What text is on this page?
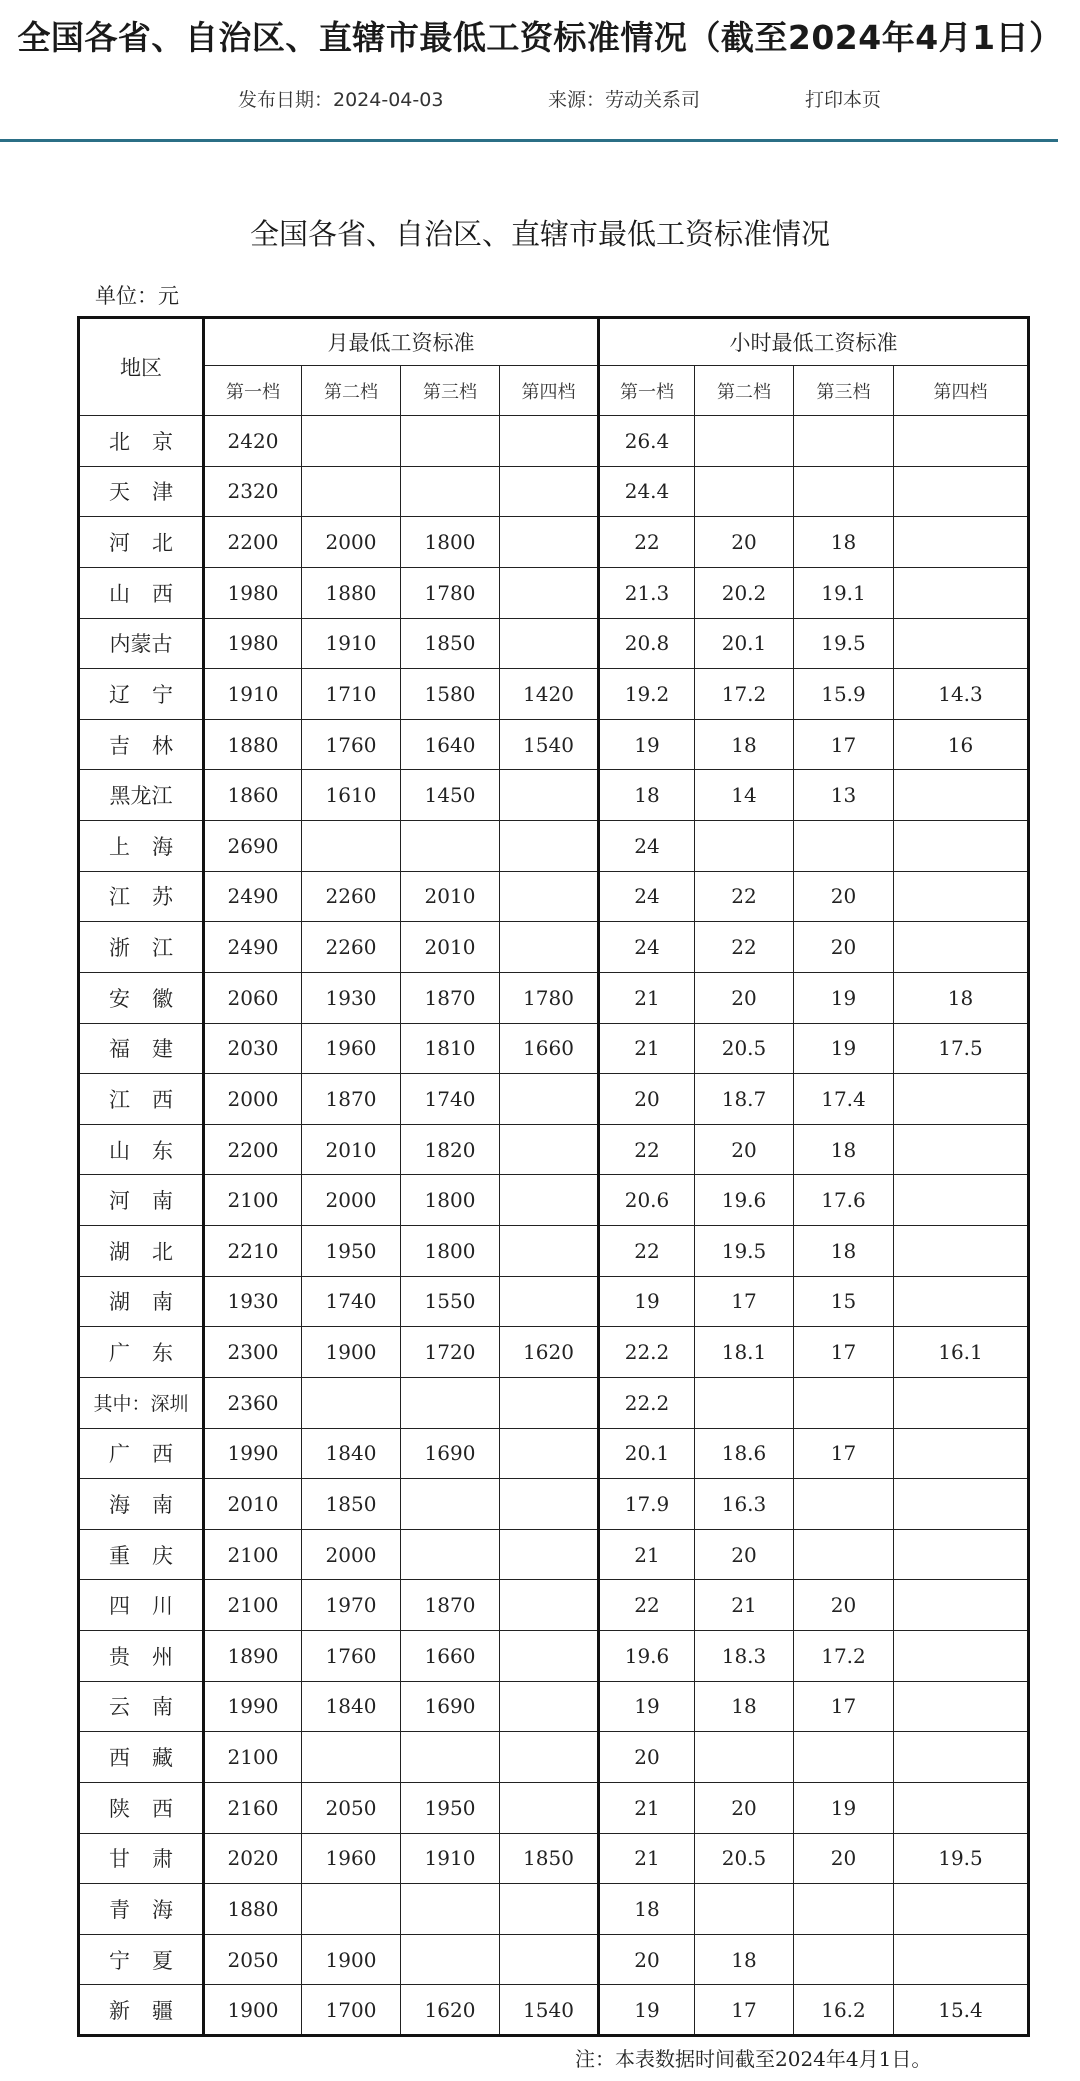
全国各省、自治区、直辖市最低工资标准情况（截至2024年4月1日）
发布日期：2024-04-03	来源：劳动关系司	打印本页
全国各省、自治区、直辖市最低工资标准情况
单位：元
地区	月最低工资标准				小时最低工资标准			
	第一档	第二档	第三档	第四档	第一档	第二档	第三档	第四档
北京	2420				26.4			
天津	2320				24.4			
河北	2200	2000	1800		22	20	18	
山西	1980	1880	1780		21.3	20.2	19.1	
内蒙古	1980	1910	1850		20.8	20.1	19.5	
辽宁	1910	1710	1580	1420	19.2	17.2	15.9	14.3
吉林	1880	1760	1640	1540	19	18	17	16
黑龙江	1860	1610	1450		18	14	13	
上海	2690				24			
江苏	2490	2260	2010		24	22	20	
浙江	2490	2260	2010		24	22	20	
安徽	2060	1930	1870	1780	21	20	19	18
福建	2030	1960	1810	1660	21	20.5	19	17.5
江西	2000	1870	1740		20	18.7	17.4	
山东	2200	2010	1820		22	20	18	
河南	2100	2000	1800		20.6	19.6	17.6	
湖北	2210	1950	1800		22	19.5	18	
湖南	1930	1740	1550		19	17	15	
广东	2300	1900	1720	1620	22.2	18.1	17	16.1
其中：深圳	2360				22.2			
广西	1990	1840	1690		20.1	18.6	17	
海南	2010	1850			17.9	16.3		
重庆	2100	2000			21	20		
四川	2100	1970	1870		22	21	20	
贵州	1890	1760	1660		19.6	18.3	17.2	
云南	1990	1840	1690		19	18	17	
西藏	2100				20			
陕西	2160	2050	1950		21	20	19	
甘肃	2020	1960	1910	1850	21	20.5	20	19.5
青海	1880				18			
宁夏	2050	1900			20	18		
新疆	1900	1700	1620	1540	19	17	16.2	15.4
注：本表数据时间截至2024年4月1日。
